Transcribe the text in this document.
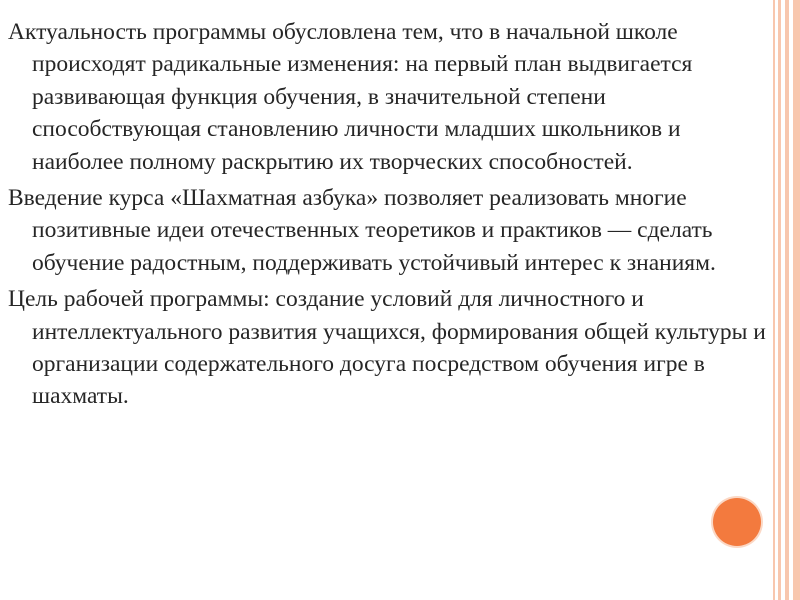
Актуальность программы обусловлена тем, что в начальной школе происходят радикальные изменения: на первый план выдвигается развивающая функция обучения, в значительной степени способствующая становлению личности младших школьников и наиболее полному раскрытию их творческих способностей.

Введение курса «Шахматная азбука» позволяет реализовать многие позитивные идеи отечественных теоретиков и практиков — сделать обучение радостным, поддерживать устойчивый интерес к знаниям.

Цель рабочей программы: создание условий для личностного и интеллектуального развития учащихся, формирования общей культуры и организации содержательного досуга посредством обучения игре в шахматы.
